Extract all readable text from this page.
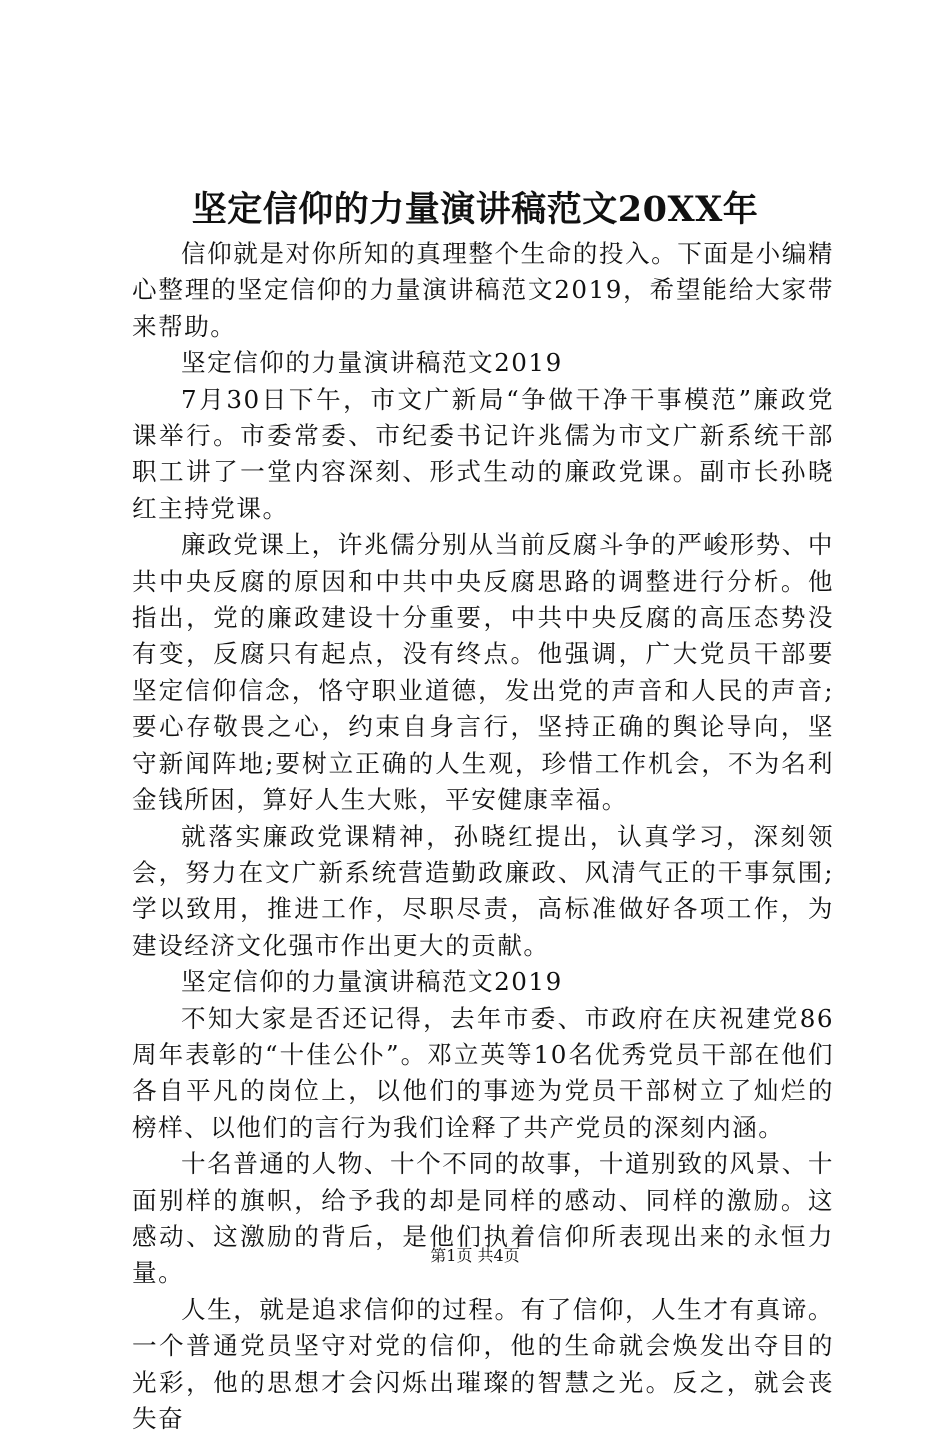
坚定信仰的力量演讲稿范文20XX年

信仰就是对你所知的真理整个生命的投入。下面是小编精心整理的坚定信仰的力量演讲稿范文2019，希望能给大家带来帮助。

坚定信仰的力量演讲稿范文2019

7月30日下午，市文广新局“争做干净干事模范”廉政党课举行。市委常委、市纪委书记许兆儒为市文广新系统干部职工讲了一堂内容深刻、形式生动的廉政党课。副市长孙晓红主持党课。

廉政党课上，许兆儒分别从当前反腐斗争的严峻形势、中共中央反腐的原因和中共中央反腐思路的调整进行分析。他指出，党的廉政建设十分重要，中共中央反腐的高压态势没有变，反腐只有起点，没有终点。他强调，广大党员干部要坚定信仰信念，恪守职业道德，发出党的声音和人民的声音;要心存敬畏之心，约束自身言行，坚持正确的舆论导向，坚守新闻阵地;要树立正确的人生观，珍惜工作机会，不为名利金钱所困，算好人生大账，平安健康幸福。

就落实廉政党课精神，孙晓红提出，认真学习，深刻领会，努力在文广新系统营造勤政廉政、风清气正的干事氛围;学以致用，推进工作，尽职尽责，高标准做好各项工作，为建设经济文化强市作出更大的贡献。

坚定信仰的力量演讲稿范文2019

不知大家是否还记得，去年市委、市政府在庆祝建党86周年表彰的“十佳公仆”。邓立英等10名优秀党员干部在他们各自平凡的岗位上，以他们的事迹为党员干部树立了灿烂的榜样、以他们的言行为我们诠释了共产党员的深刻内涵。

十名普通的人物、十个不同的故事，十道别致的风景、十面别样的旗帜，给予我的却是同样的感动、同样的激励。这感动、这激励的背后，是他们执着信仰所表现出来的永恒力量。

人生，就是追求信仰的过程。有了信仰，人生才有真谛。一个普通党员坚守对党的信仰，他的生命就会焕发出夺目的光彩，他的思想才会闪烁出璀璨的智慧之光。反之，就会丧失奋

第1页 共4页
